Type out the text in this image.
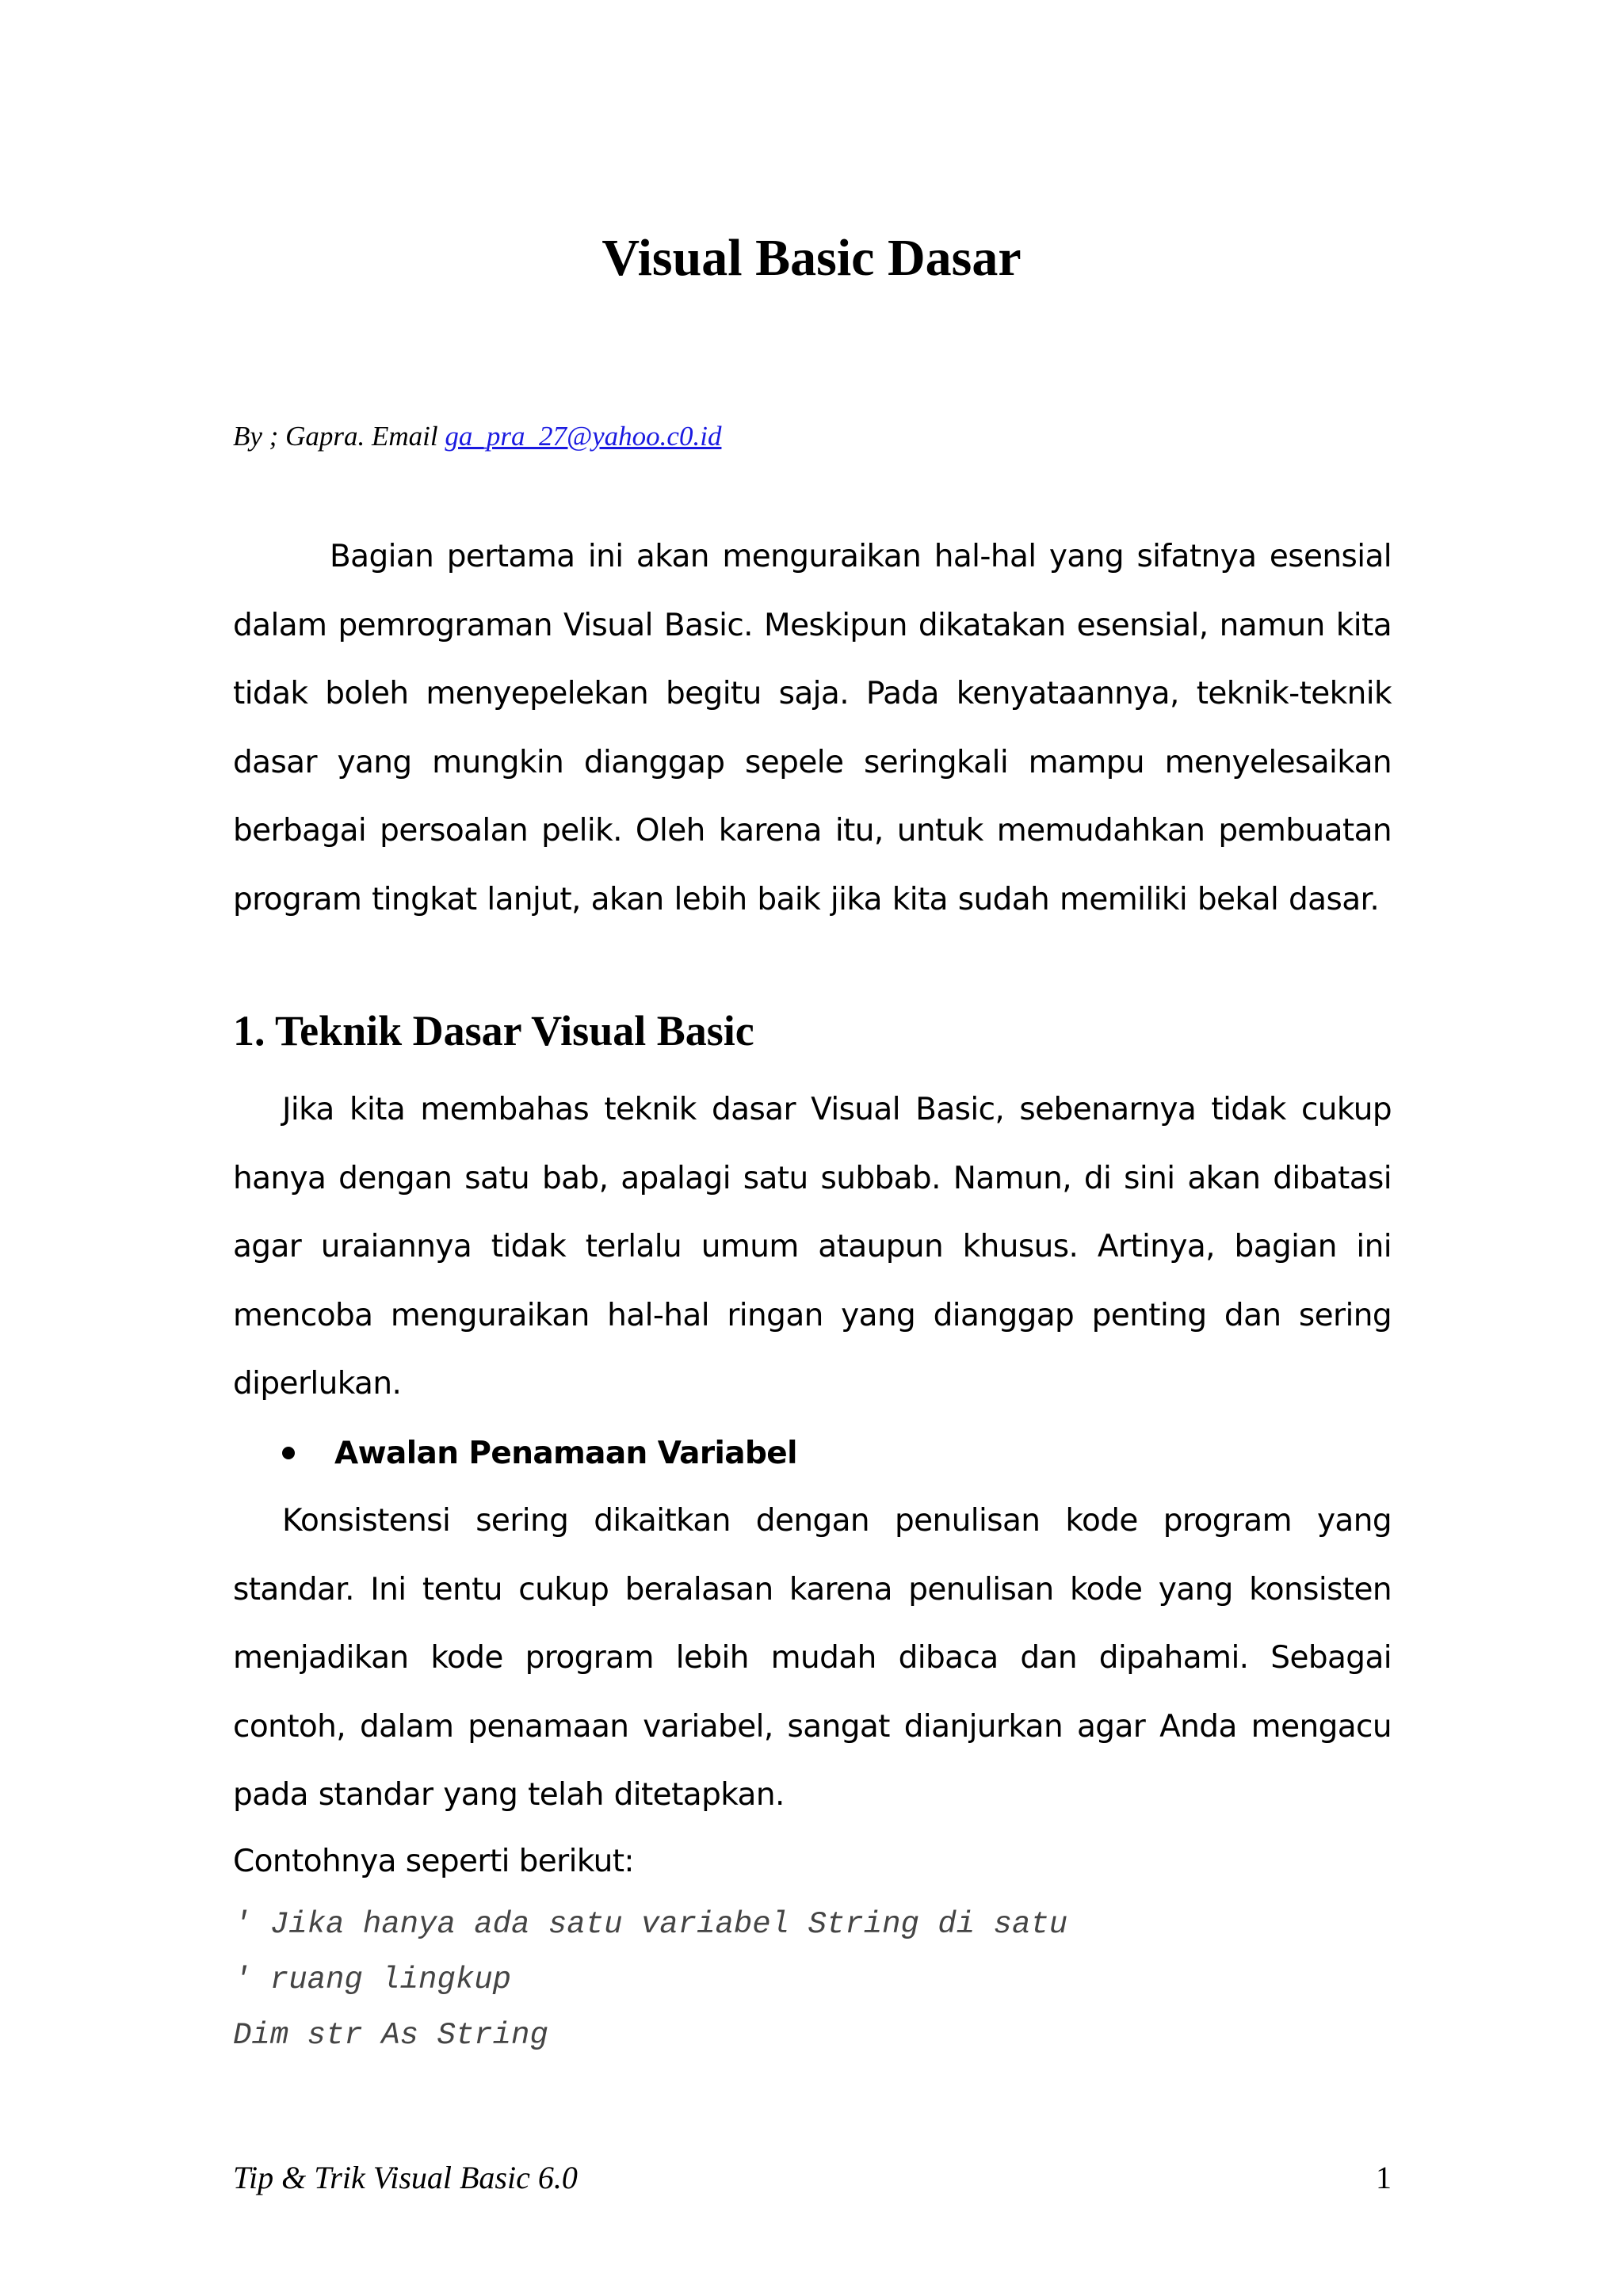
Visual Basic Dasar
By ; Gapra. Email ga_pra_27@yahoo.c0.id

Bagian pertama ini akan menguraikan hal-hal yang sifatnya esensial dalam pemrograman Visual Basic. Meskipun dikatakan esensial, namun kita tidak boleh menyepelekan begitu saja. Pada kenyataannya, teknik-teknik dasar yang mungkin dianggap sepele seringkali mampu menyelesaikan berbagai persoalan pelik. Oleh karena itu, untuk memudahkan pembuatan program tingkat lanjut, akan lebih baik jika kita sudah memiliki bekal dasar.

1. Teknik Dasar Visual Basic

Jika kita membahas teknik dasar Visual Basic, sebenarnya tidak cukup hanya dengan satu bab, apalagi satu subbab. Namun, di sini akan dibatasi agar uraiannya tidak terlalu umum ataupun khusus. Artinya, bagian ini mencoba menguraikan hal-hal ringan yang dianggap penting dan sering diperlukan.

Awalan Penamaan Variabel

Konsistensi sering dikaitkan dengan penulisan kode program yang standar. Ini tentu cukup beralasan karena penulisan kode yang konsisten menjadikan kode program lebih mudah dibaca dan dipahami. Sebagai contoh, dalam penamaan variabel, sangat dianjurkan agar Anda mengacu pada standar yang telah ditetapkan.

Contohnya seperti berikut:
' Jika hanya ada satu variabel String di satu
' ruang lingkup
Dim str As String
Tip & Trik Visual Basic 6.0	1
